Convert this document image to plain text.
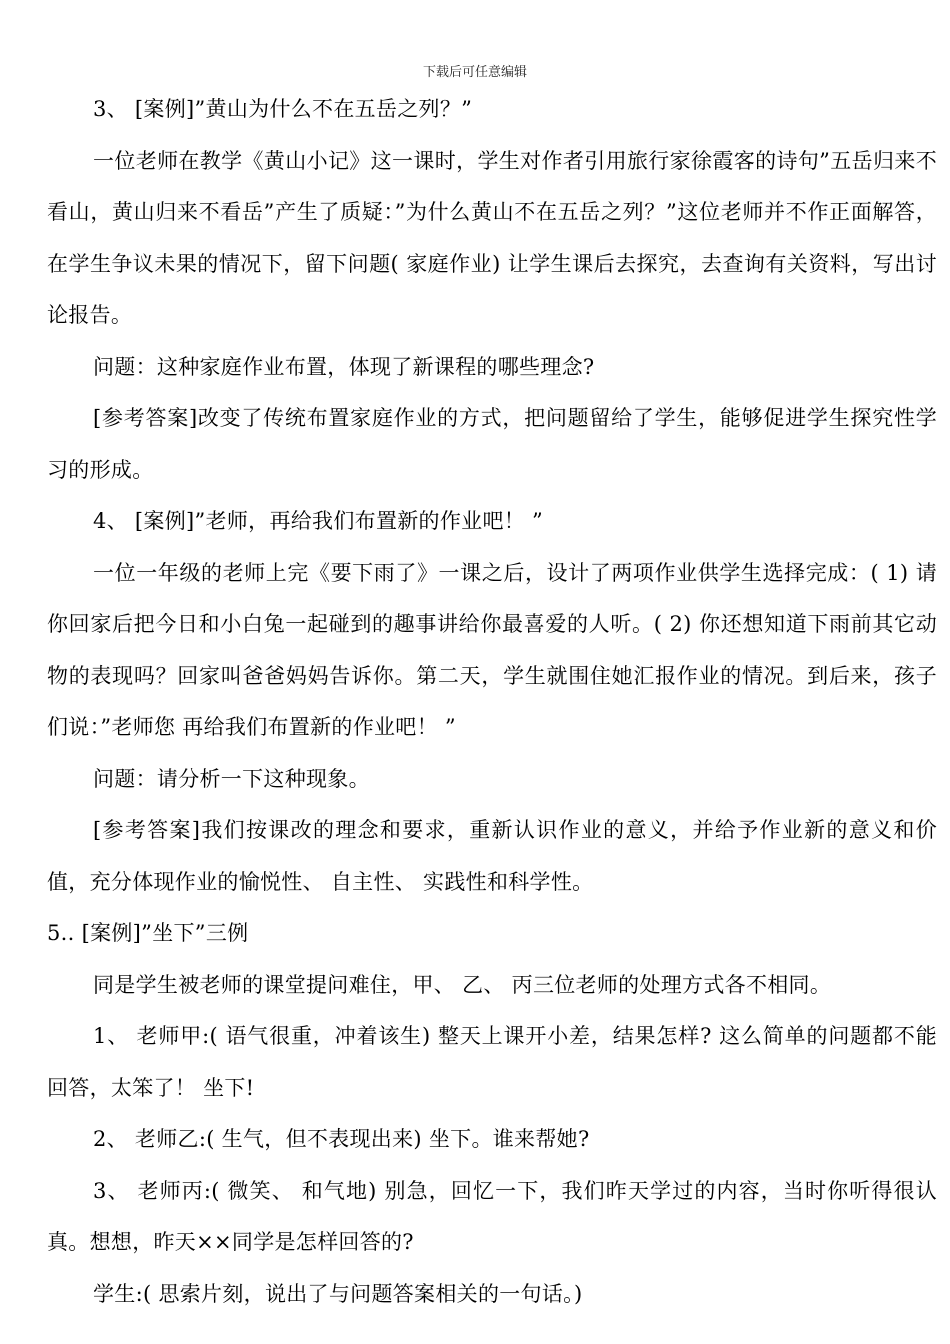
下载后可任意编辑

3、 [案例]”黄山为什么不在五岳之列？”

一位老师在教学《黄山小记》这一课时，学生对作者引用旅行家徐霞客的诗句”五岳归来不看山，黄山归来不看岳”产生了质疑：”为什么黄山不在五岳之列？”这位老师并不作正面解答，在学生争议未果的情况下，留下问题( 家庭作业) 让学生课后去探究，去查询有关资料，写出讨论报告。

问题：这种家庭作业布置，体现了新课程的哪些理念?

[参考答案]改变了传统布置家庭作业的方式，把问题留给了学生，能够促进学生探究性学习的形成。

4、 [案例]”老师，再给我们布置新的作业吧！ ”

一位一年级的老师上完《要下雨了》一课之后，设计了两项作业供学生选择完成：( 1) 请你回家后把今日和小白兔一起碰到的趣事讲给你最喜爱的人听。( 2) 你还想知道下雨前其它动物的表现吗？回家叫爸爸妈妈告诉你。第二天，学生就围住她汇报作业的情况。到后来，孩子们说：”老师您 再给我们布置新的作业吧！ ”

问题：请分析一下这种现象。

[参考答案]我们按课改的理念和要求，重新认识作业的意义，并给予作业新的意义和价值，充分体现作业的愉悦性、 自主性、 实践性和科学性。

5.. [案例]”坐下”三例

同是学生被老师的课堂提问难住，甲、 乙、 丙三位老师的处理方式各不相同。

1、 老师甲:( 语气很重，冲着该生) 整天上课开小差，结果怎样? 这么简单的问题都不能回答，太笨了！ 坐下!

2、 老师乙:( 生气，但不表现出来) 坐下。谁来帮她?

3、 老师丙:( 微笑、 和气地) 别急，回忆一下，我们昨天学过的内容，当时你听得很认真。想想，昨天××同学是怎样回答的?

学生:( 思索片刻，说出了与问题答案相关的一句话。)
